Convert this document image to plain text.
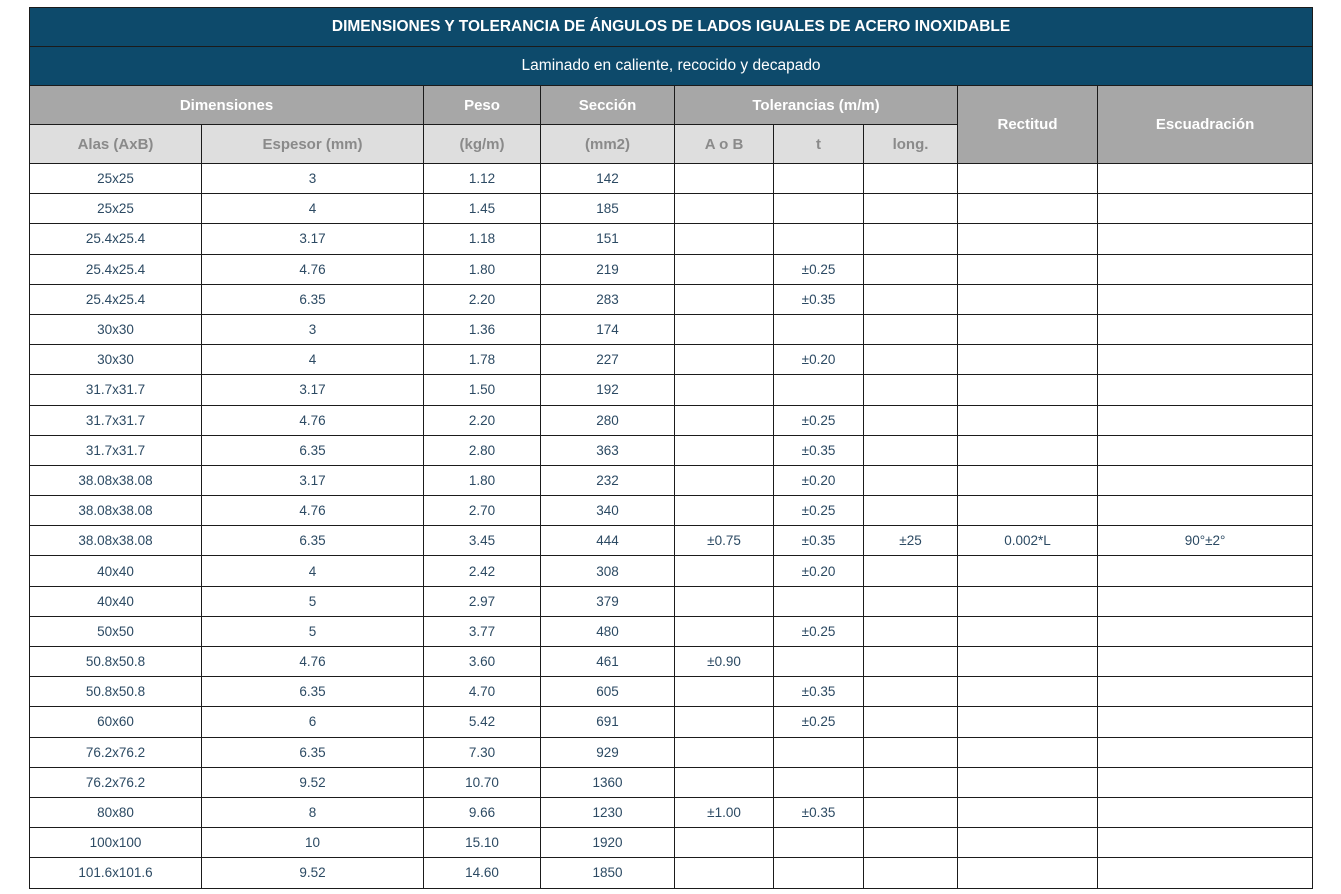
DIMENSIONES Y TOLERANCIA DE ÁNGULOS DE LADOS IGUALES DE ACERO INOXIDABLE								
Laminado en caliente, recocido y decapado								
Dimensiones		Peso	Sección	Tolerancias (m/m)			Rectitud	Escuadración
Alas (AxB)	Espesor (mm)	(kg/m)	(mm2)	A o B	t	long.		
25x25	3	1.12	142					
25x25	4	1.45	185					
25.4x25.4	3.17	1.18	151					
25.4x25.4	4.76	1.80	219		±0.25			
25.4x25.4	6.35	2.20	283		±0.35			
30x30	3	1.36	174					
30x30	4	1.78	227		±0.20			
31.7x31.7	3.17	1.50	192					
31.7x31.7	4.76	2.20	280		±0.25			
31.7x31.7	6.35	2.80	363		±0.35			
38.08x38.08	3.17	1.80	232		±0.20			
38.08x38.08	4.76	2.70	340		±0.25			
38.08x38.08	6.35	3.45	444	±0.75	±0.35	±25	0.002*L	90°±2°
40x40	4	2.42	308		±0.20			
40x40	5	2.97	379					
50x50	5	3.77	480		±0.25			
50.8x50.8	4.76	3.60	461	±0.90				
50.8x50.8	6.35	4.70	605		±0.35			
60x60	6	5.42	691		±0.25			
76.2x76.2	6.35	7.30	929					
76.2x76.2	9.52	10.70	1360					
80x80	8	9.66	1230	±1.00	±0.35			
100x100	10	15.10	1920					
101.6x101.6	9.52	14.60	1850					
